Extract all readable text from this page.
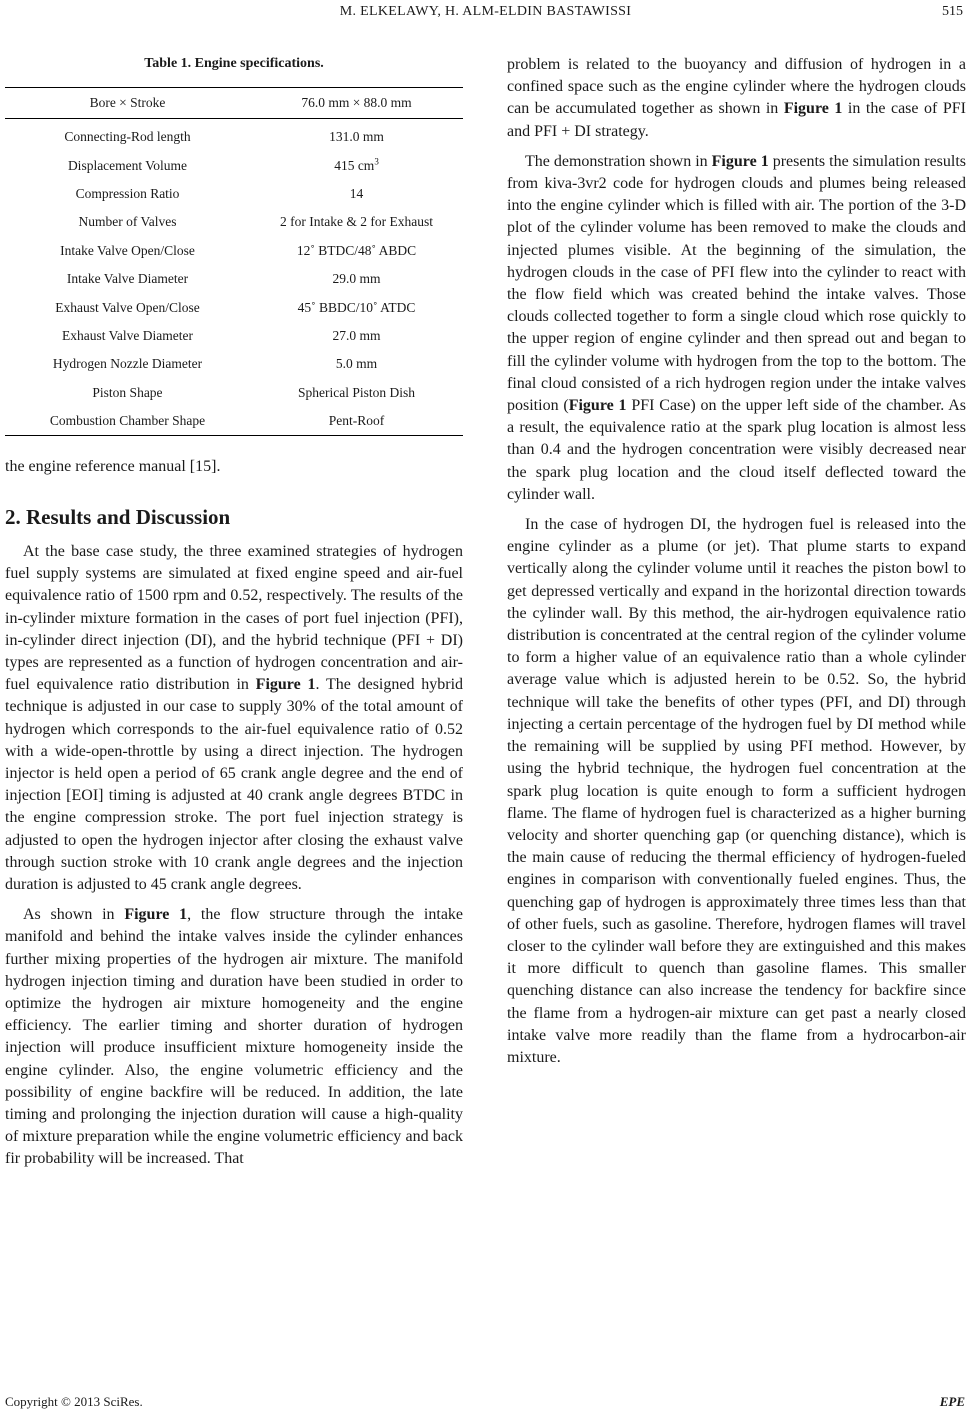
M. ELKELAWY, H. ALM-ELDIN BASTAWISSI	515
Table 1. Engine specifications.
Bore × Stroke	76.0 mm × 88.0 mm
Connecting-Rod length	131.0 mm
Displacement Volume	415 $cm^3$
Compression Ratio	14
Number of Valves	2 for Intake & 2 for Exhaust
Intake Valve Open/Close	12˚ BTDC/48˚ ABDC
Intake Valve Diameter	29.0 mm
Exhaust Valve Open/Close	45˚ BBDC/10˚ ATDC
Exhaust Valve Diameter	27.0 mm
Hydrogen Nozzle Diameter	5.0 mm
Piston Shape	Spherical Piston Dish
Combustion Chamber Shape	Pent-Roof

the engine reference manual [15].

2. Results and Discussion

At the base case study, the three examined strategies of hydrogen fuel supply systems are simulated at fixed engine speed and air-fuel equivalence ratio of 1500 rpm and 0.52, respectively. The results of the in-cylinder mixture formation in the cases of port fuel injection (PFI), in-cylinder direct injection (DI), and the hybrid technique (PFI + DI) types are represented as a function of hydrogen concentration and air-fuel equivalence ratio distribution in Figure 1. The designed hybrid technique is adjusted in our case to supply 30% of the total amount of hydrogen which corresponds to the air-fuel equivalence ratio of 0.52 with a wide-open-throttle by using a direct injection. The hydrogen injector is held open a period of 65 crank angle degree and the end of injection [EOI] timing is adjusted at 40 crank angle degrees BTDC in the engine compression stroke. The port fuel injection strategy is adjusted to open the hydrogen injector after closing the exhaust valve through suction stroke with 10 crank angle degrees and the injection duration is adjusted to 45 crank angle degrees.

As shown in Figure 1, the flow structure through the intake manifold and behind the intake valves inside the cylinder enhances further mixing properties of the hydrogen air mixture. The manifold hydrogen injection timing and duration have been studied in order to optimize the hydrogen air mixture homogeneity and the engine efficiency. The earlier timing and shorter duration of hydrogen injection will produce insufficient mixture homogeneity inside the engine cylinder. Also, the engine volumetric efficiency and the possibility of engine backfire will be reduced. In addition, the late timing and prolonging the injection duration will cause a high-quality of mixture preparation while the engine volumetric efficiency and back fir probability will be increased. That

problem is related to the buoyancy and diffusion of hydrogen in a confined space such as the engine cylinder where the hydrogen clouds can be accumulated together as shown in Figure 1 in the case of PFI and PFI + DI strategy.

The demonstration shown in Figure 1 presents the simulation results from kiva-3vr2 code for hydrogen clouds and plumes being released into the engine cylinder which is filled with air. The portion of the 3-D plot of the cylinder volume has been removed to make the clouds and injected plumes visible. At the beginning of the simulation, the hydrogen clouds in the case of PFI flew into the cylinder to react with the flow field which was created behind the intake valves. Those clouds collected together to form a single cloud which rose quickly to the upper region of engine cylinder and then spread out and began to fill the cylinder volume with hydrogen from the top to the bottom. The final cloud consisted of a rich hydrogen region under the intake valves position (Figure 1 PFI Case) on the upper left side of the chamber. As a result, the equivalence ratio at the spark plug location is almost less than 0.4 and the hydrogen concentration were visibly decreased near the spark plug location and the cloud itself deflected toward the cylinder wall.

In the case of hydrogen DI, the hydrogen fuel is released into the engine cylinder as a plume (or jet). That plume starts to expand vertically along the cylinder volume until it reaches the piston bowl to get depressed vertically and expand in the horizontal direction towards the cylinder wall. By this method, the air-hydrogen equivalence ratio distribution is concentrated at the central region of the cylinder volume to form a higher value of an equivalence ratio than a whole cylinder average value which is adjusted herein to be 0.52. So, the hybrid technique will take the benefits of other types (PFI, and DI) through injecting a certain percentage of the hydrogen fuel by DI method while the remaining will be supplied by using PFI method. However, by using the hybrid technique, the hydrogen fuel concentration at the spark plug location is quite enough to form a sufficient hydrogen flame. The flame of hydrogen fuel is characterized as a higher burning velocity and shorter quenching gap (or quenching distance), which is the main cause of reducing the thermal efficiency of hydrogen-fueled engines in comparison with conventionally fueled engines. Thus, the quenching gap of hydrogen is approximately three times less than that of other fuels, such as gasoline. Therefore, hydrogen flames will travel closer to the cylinder wall before they are extinguished and this makes it more difficult to quench than gasoline flames. This smaller quenching distance can also increase the tendency for backfire since the flame from a hydrogen-air mixture can get past a nearly closed intake valve more readily than the flame from a hydrocarbon-air mixture.

Copyright © 2013 SciRes.	EPE
